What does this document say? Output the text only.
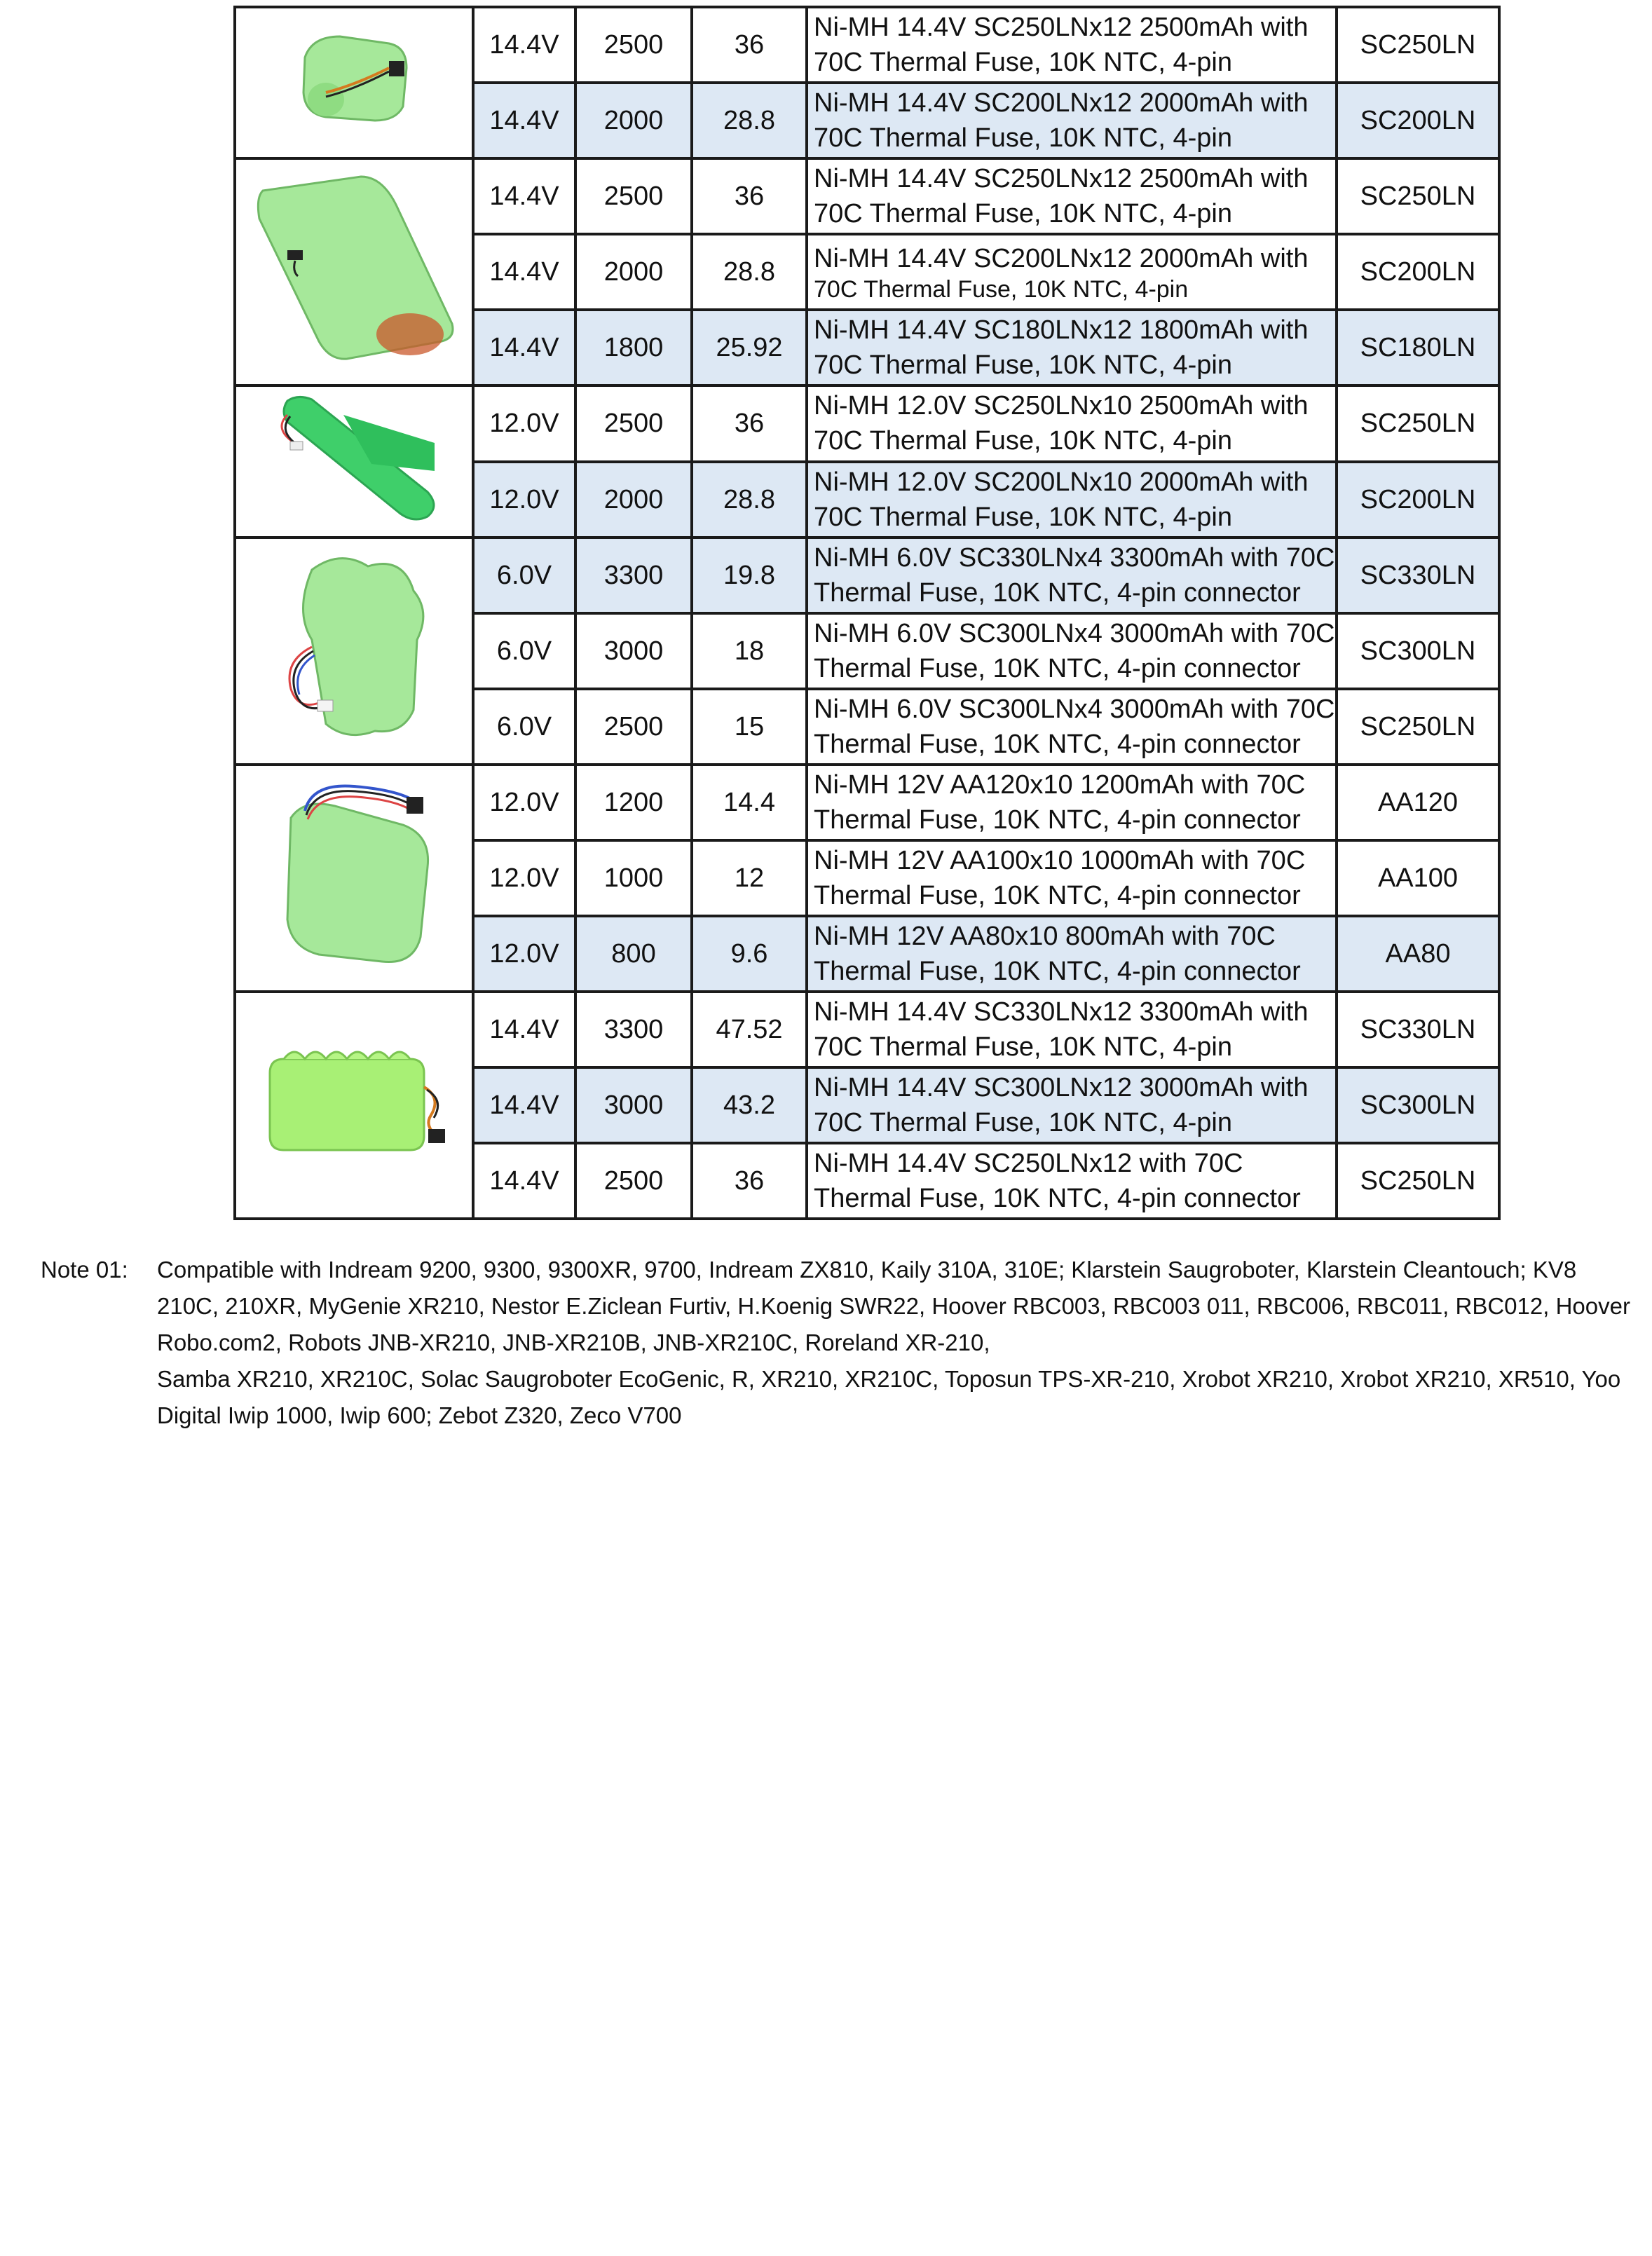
	14.4V	2500	36	Ni-MH 14.4V SC250LNx12 2500mAh with
70C Thermal Fuse, 10K NTC, 4-pin	SC250LN
	14.4V	2000	28.8	Ni-MH 14.4V SC200LNx12 2000mAh with
70C Thermal Fuse, 10K NTC, 4-pin	SC200LN
	14.4V	2500	36	Ni-MH 14.4V SC250LNx12 2500mAh with
70C Thermal Fuse, 10K NTC, 4-pin	SC250LN
	14.4V	2000	28.8	Ni-MH 14.4V SC200LNx12 2000mAh with
70C Thermal Fuse, 10K NTC, 4-pin	SC200LN
	14.4V	1800	25.92	Ni-MH 14.4V SC180LNx12 1800mAh with
70C Thermal Fuse, 10K NTC, 4-pin	SC180LN
	12.0V	2500	36	Ni-MH 12.0V SC250LNx10 2500mAh with
70C Thermal Fuse, 10K NTC, 4-pin	SC250LN
	12.0V	2000	28.8	Ni-MH 12.0V SC200LNx10 2000mAh with
70C Thermal Fuse, 10K NTC, 4-pin	SC200LN
	6.0V	3300	19.8	Ni-MH 6.0V SC330LNx4 3300mAh with 70C
Thermal Fuse, 10K NTC, 4-pin connector	SC330LN
	6.0V	3000	18	Ni-MH 6.0V SC300LNx4 3000mAh with 70C
Thermal Fuse, 10K NTC, 4-pin connector	SC300LN
	6.0V	2500	15	Ni-MH 6.0V SC300LNx4 3000mAh with 70C
Thermal Fuse, 10K NTC, 4-pin connector	SC250LN
	12.0V	1200	14.4	Ni-MH 12V AA120x10 1200mAh with 70C
Thermal Fuse, 10K NTC, 4-pin connector	AA120
	12.0V	1000	12	Ni-MH 12V AA100x10 1000mAh with 70C
Thermal Fuse, 10K NTC, 4-pin connector	AA100
	12.0V	800	9.6	Ni-MH 12V AA80x10 800mAh with 70C
Thermal Fuse, 10K NTC, 4-pin connector	AA80
	14.4V	3300	47.52	Ni-MH 14.4V SC330LNx12 3300mAh with
70C Thermal Fuse, 10K NTC, 4-pin	SC330LN
	14.4V	3000	43.2	Ni-MH 14.4V SC300LNx12 3000mAh with
70C Thermal Fuse, 10K NTC, 4-pin	SC300LN
	14.4V	2500	36	Ni-MH 14.4V SC250LNx12 with 70C
Thermal Fuse, 10K NTC, 4-pin connector	SC250LN
Note 01: Compatible with Indream 9200, 9300, 9300XR, 9700, Indream ZX810, Kaily 310A, 310E; Klarstein Saugroboter, Klarstein Cleantouch; KV8
210C, 210XR, MyGenie XR210, Nestor E.Ziclean Furtiv, H.Koenig SWR22, Hoover RBC003, RBC003 011, RBC006, RBC011, RBC012, Hoover
Robo.com2, Robots JNB-XR210, JNB-XR210B, JNB-XR210C, Roreland XR-210,
Samba XR210, XR210C, Solac Saugroboter EcoGenic, R, XR210, XR210C, Toposun TPS-XR-210, Xrobot XR210, Xrobot XR210, XR510, Yoo
Digital Iwip 1000, Iwip 600; Zebot Z320, Zeco V700
